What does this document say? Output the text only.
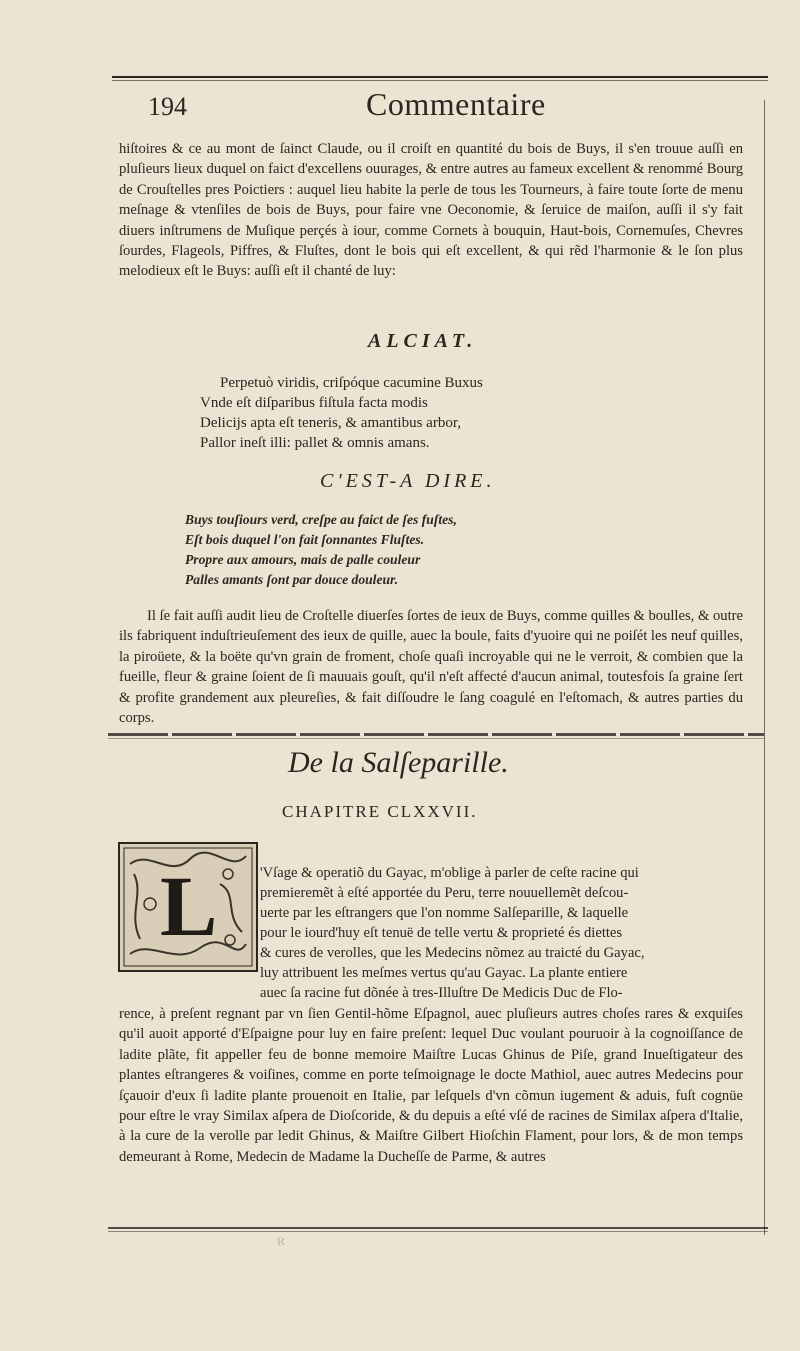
194	Commentaire

hiſtoires & ce au mont de ſainct Claude, ou il croiſt en quantité du bois de Buys, il s'en trouue auſſi en pluſieurs lieux duquel on faict d'excellens ouurages, & entre autres au fameux excellent & renommé Bourg de Crouſtelles pres Poictiers : auquel lieu habite la perle de tous les Tourneurs, à faire toute ſorte de menu meſnage & vtenſiles de bois de Buys, pour faire vne Oeconomie, & ſeruice de maiſon, auſſi il s'y fait diuers inſtrumens de Muſique perçés à iour, comme Cornets à bouquin, Haut-bois, Cornemuſes, Chevres ſourdes, Flageols, Piffres, & Fluſtes, dont le bois qui eſt excellent, & qui rẽd l'harmonie & le ſon plus melodieux eſt le Buys: auſſi eſt il chanté de luy:

ALCIAT.
Perpetuò viridis, criſpóque cacumine Buxus
Vnde eſt diſparibus fiſtula facta modis
Delicijs apta eſt teneris, & amantibus arbor,
Pallor ineſt illi: pallet & omnis amans.
C'EST-A DIRE.
Buys touſiours verd, creſpe au faict de ſes fuſtes,
Eſt bois duquel l'on fait ſonnantes Fluſtes.
Propre aux amours, mais de palle couleur
Palles amants ſont par douce douleur.

Il ſe fait auſſi audit lieu de Croſtelle diuerſes ſortes de ieux de Buys, comme quilles & boulles, & outre ils fabriquent induſtrieuſement des ieux de quille, auec la boule, faits d'yuoire qui ne poiſét les neuf quilles, la piroüete, & la boëte qu'vn grain de froment, choſe quaſi incroyable qui ne le verroit, & combien que la fueille, fleur & graine ſoient de ſi mauuais gouſt, qu'il n'eſt affecté d'aucun animal, toutesfois ſa graine ſert & profite grandement aux pleureſies, & fait diſſoudre le ſang coagulé en l'eſtomach, & autres parties du corps.

De la Salſeparille.
CHAPITRE CLXXVII.
L	'Vſage & operatiõ du Gayac, m'oblige à parler de ceſte racine qui
premieremẽt à eſté apportée du Peru, terre nouuellemẽt deſcou-
uerte par les eſtrangers que l'on nomme Salſeparille, & laquelle
pour le iourd'huy eſt tenuë de telle vertu & proprieté és diettes
& cures de verolles, que les Medecins nõmez au traicté du Gayac,
luy attribuent les meſmes vertus qu'au Gayac. La plante entiere
auec ſa racine fut dõnée à tres-Illuſtre De Medicis Duc de Flo-

rence, à preſent regnant par vn ſien Gentil-hõme Eſpagnol, auec pluſieurs autres choſes rares & exquiſes qu'il auoit apporté d'Eſpaigne pour luy en faire preſent: lequel Duc voulant pouruoir à la cognoiſſance de ladite plãte, fit appeller feu de bonne memoire Maiſtre Lucas Ghinus de Piſe, grand Inueſtigateur des plantes eſtrangeres & voiſines, comme en porte teſmoignage le docte Mathiol, auec autres Medecins pour ſçauoir d'eux ſi ladite plante prouenoit en Italie, par leſquels d'vn cõmun iugement & aduis, fuſt cognüe pour eſtre le vray Similax aſpera de Dioſcoride, & du depuis a eſté vſé de racines de Similax aſpera d'Italie, à la cure de la verolle par ledit Ghinus, & Maiſtre Gilbert Hioſchin Flament, pour lors, & de mon temps demeurant à Rome, Medecin de Madame la Ducheſſe de Parme, & autres

R
